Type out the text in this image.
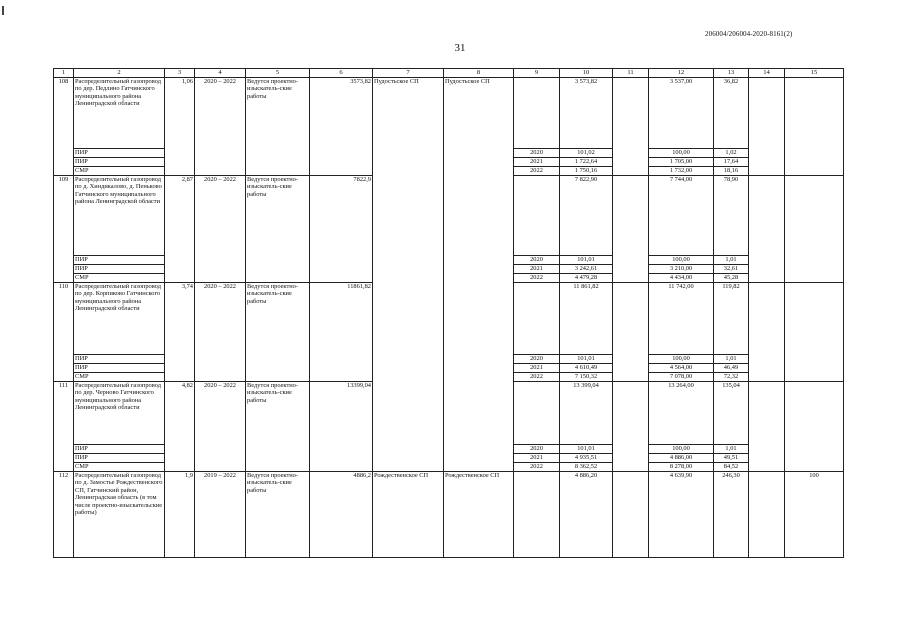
206004/206004-2020-8161(2)
31
1	2	3	4	5	6	7	8	9	10	11	12	13	14	15
108	Распределительный газопровод по дер. Педлино Гатчинского муниципального района Ленинградской области	1,06	2020 – 2022	Ведутся проектно-изыскатель-ские работы	3573,82	Пудостьское СП	Пудостьское СП		3 573,82		3 537,00	36,82		
	ПИР							2020	101,02		100,00	1,02		
	ПИР							2021	1 722,64		1 705,00	17,64		
	СМР							2022	1 750,16		1 732,00	18,16		
109	Распределительный газопровод по д. Хиндикалово, д. Пеньково Гатчинского муниципального района Ленинградской области	2,87	2020 – 2022	Ведутся проектно-изыскатель-ские работы	7822,9				7 822,90		7 744,00	78,90		
	ПИР							2020	101,01		100,00	1,01		
	ПИР							2021	3 242,61		3 210,00	32,61		
	СМР							2022	4 479,28		4 434,00	45,28		
110	Распределительный газопровод по дер. Корпиково Гатчинского муниципального района Ленинградской области	3,74	2020 – 2022	Ведутся проектно-изыскатель-ские работы	11861,82				11 861,82		11 742,00	119,82		
	ПИР							2020	101,01		100,00	1,01		
	ПИР							2021	4 610,49		4 564,00	46,49		
	СМР							2022	7 150,32		7 078,00	72,32		
111	Распределительный газопровод по дер. Черново Гатчинского муниципального района Ленинградской области	4,82	2020 – 2022	Ведутся проектно-изыскатель-ские работы	13399,04				13 399,04		13 264,00	135,04		
	ПИР							2020	101,01		100,00	1,01		
	ПИР							2021	4 935,51		4 886,00	49,51		
	СМР							2022	8 362,52		8 278,00	84,52		
112	Распределительный газопровод по д. Замостье Рождественского СП, Гатчинский район, Ленинградская область (в том числе проектно-изыскательские работы)	1,9	2019 – 2022	Ведутся проектно-изыскатель-ские работы	4886,2	Рождественское СП	Рождественское СП		4 886,20		4 639,90	246,30		100
